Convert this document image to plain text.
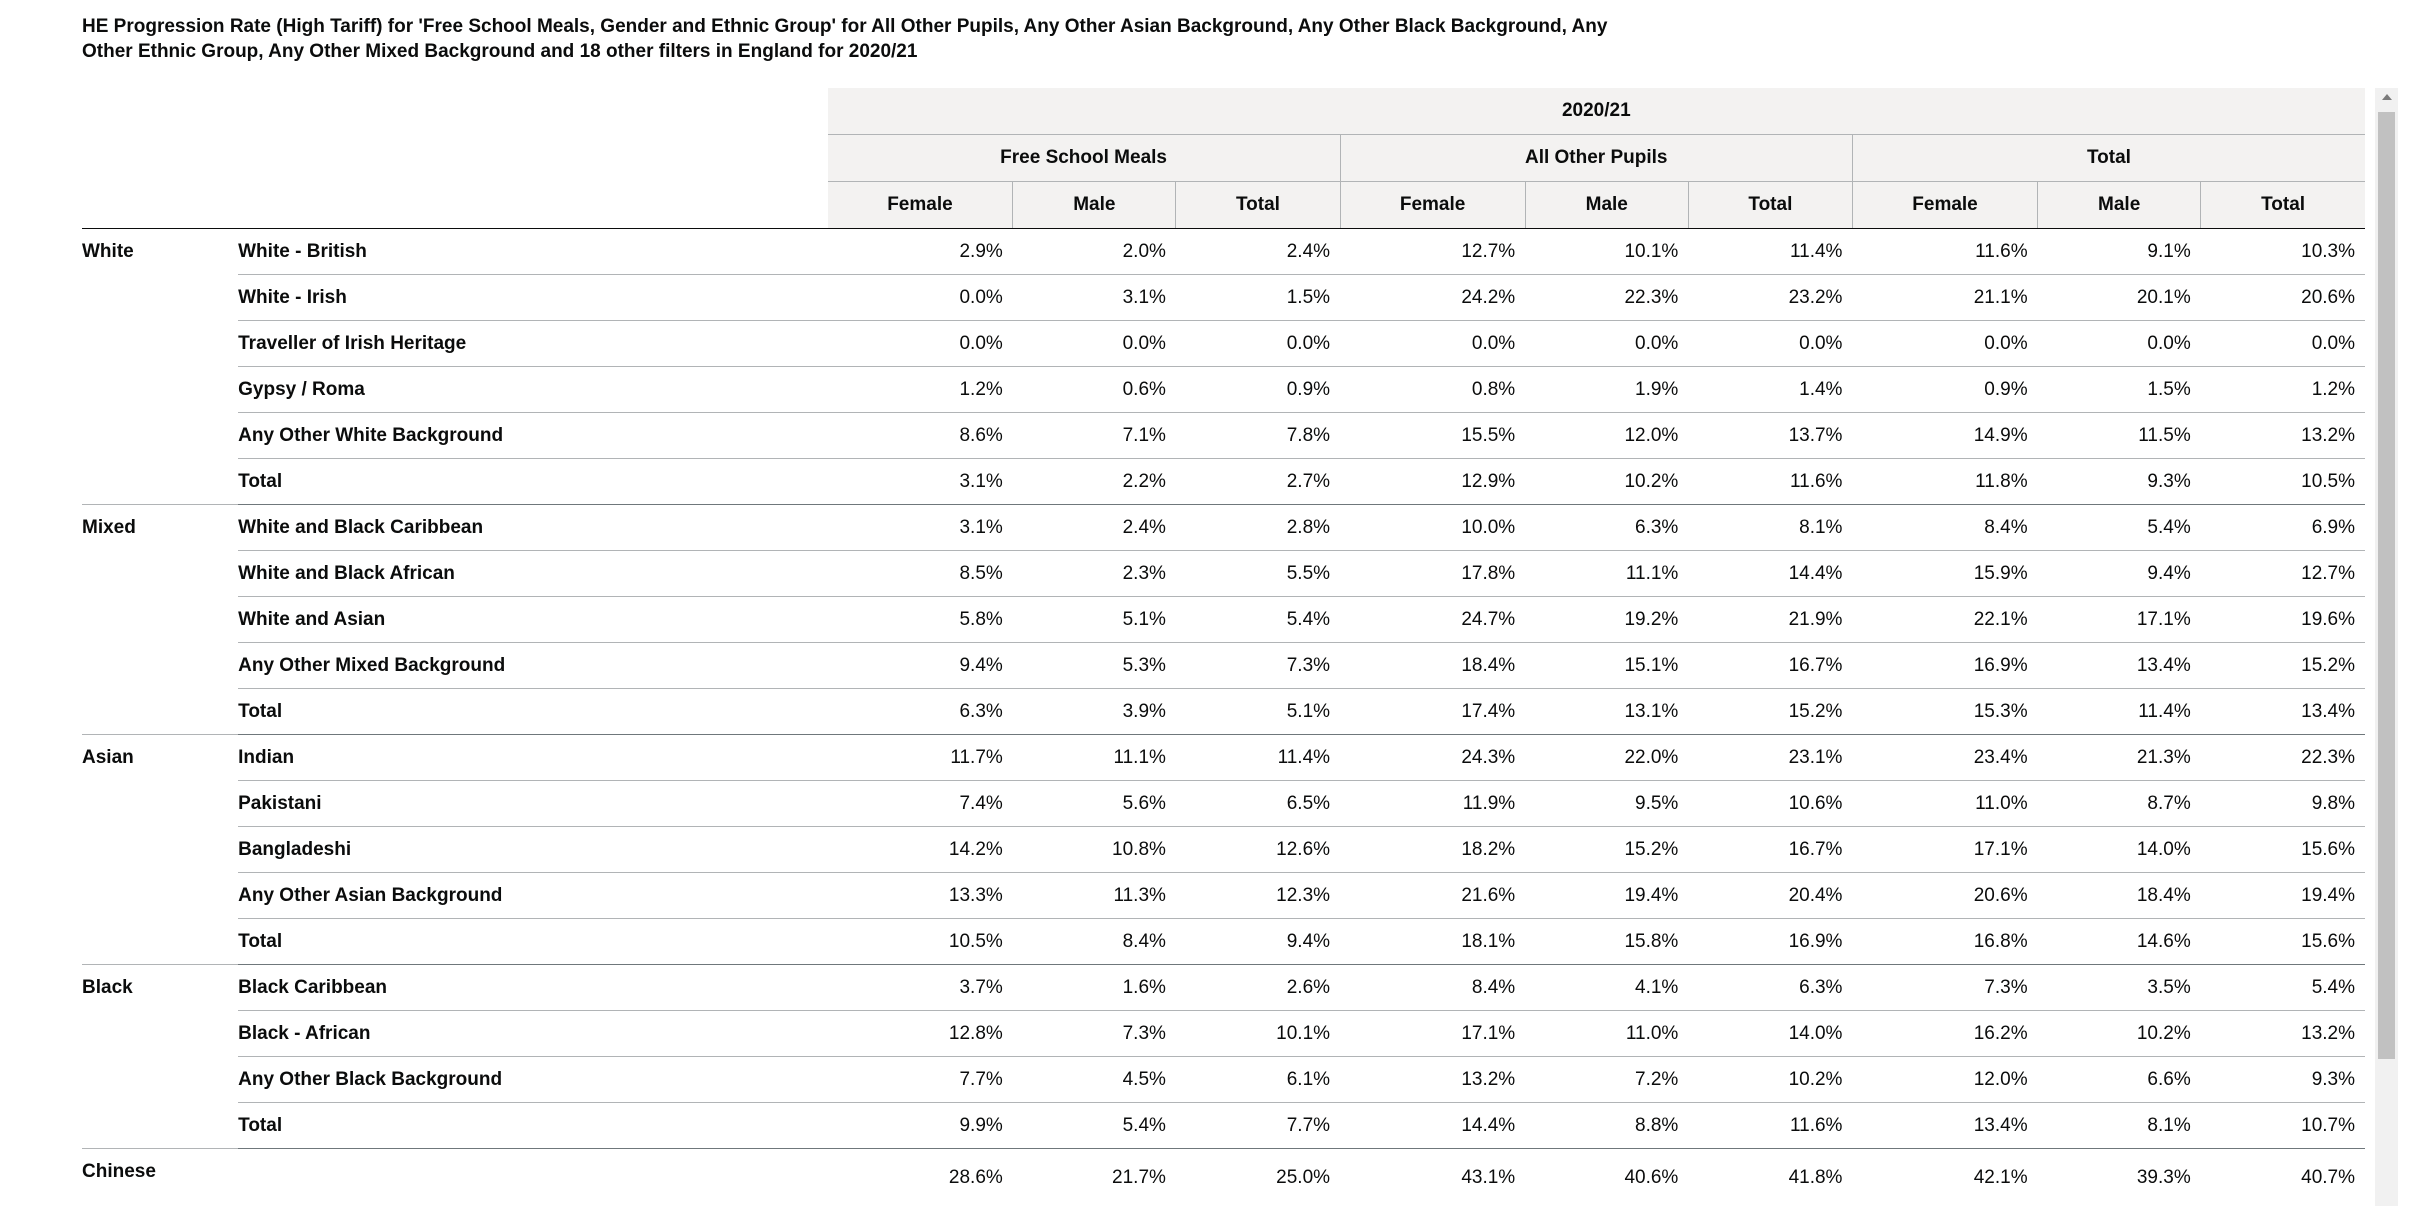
HE Progression Rate (High Tariff) for 'Free School Meals, Gender and Ethnic Group' for All Other Pupils, Any Other Asian Background, Any Other Black Background, Any Other Ethnic Group, Any Other Mixed Background and 18 other filters in England for 2020/21
		2020/21								
		Free School Meals			All Other Pupils			Total		
		Female	Male	Total	Female	Male	Total	Female	Male	Total
White	White - British	2.9%	2.0%	2.4%	12.7%	10.1%	11.4%	11.6%	9.1%	10.3%
	White - Irish	0.0%	3.1%	1.5%	24.2%	22.3%	23.2%	21.1%	20.1%	20.6%
	Traveller of Irish Heritage	0.0%	0.0%	0.0%	0.0%	0.0%	0.0%	0.0%	0.0%	0.0%
	Gypsy / Roma	1.2%	0.6%	0.9%	0.8%	1.9%	1.4%	0.9%	1.5%	1.2%
	Any Other White Background	8.6%	7.1%	7.8%	15.5%	12.0%	13.7%	14.9%	11.5%	13.2%
	Total	3.1%	2.2%	2.7%	12.9%	10.2%	11.6%	11.8%	9.3%	10.5%
Mixed	White and Black Caribbean	3.1%	2.4%	2.8%	10.0%	6.3%	8.1%	8.4%	5.4%	6.9%
	White and Black African	8.5%	2.3%	5.5%	17.8%	11.1%	14.4%	15.9%	9.4%	12.7%
	White and Asian	5.8%	5.1%	5.4%	24.7%	19.2%	21.9%	22.1%	17.1%	19.6%
	Any Other Mixed Background	9.4%	5.3%	7.3%	18.4%	15.1%	16.7%	16.9%	13.4%	15.2%
	Total	6.3%	3.9%	5.1%	17.4%	13.1%	15.2%	15.3%	11.4%	13.4%
Asian	Indian	11.7%	11.1%	11.4%	24.3%	22.0%	23.1%	23.4%	21.3%	22.3%
	Pakistani	7.4%	5.6%	6.5%	11.9%	9.5%	10.6%	11.0%	8.7%	9.8%
	Bangladeshi	14.2%	10.8%	12.6%	18.2%	15.2%	16.7%	17.1%	14.0%	15.6%
	Any Other Asian Background	13.3%	11.3%	12.3%	21.6%	19.4%	20.4%	20.6%	18.4%	19.4%
	Total	10.5%	8.4%	9.4%	18.1%	15.8%	16.9%	16.8%	14.6%	15.6%
Black	Black Caribbean	3.7%	1.6%	2.6%	8.4%	4.1%	6.3%	7.3%	3.5%	5.4%
	Black - African	12.8%	7.3%	10.1%	17.1%	11.0%	14.0%	16.2%	10.2%	13.2%
	Any Other Black Background	7.7%	4.5%	6.1%	13.2%	7.2%	10.2%	12.0%	6.6%	9.3%
	Total	9.9%	5.4%	7.7%	14.4%	8.8%	11.6%	13.4%	8.1%	10.7%
Chinese		28.6%	21.7%	25.0%	43.1%	40.6%	41.8%	42.1%	39.3%	40.7%
